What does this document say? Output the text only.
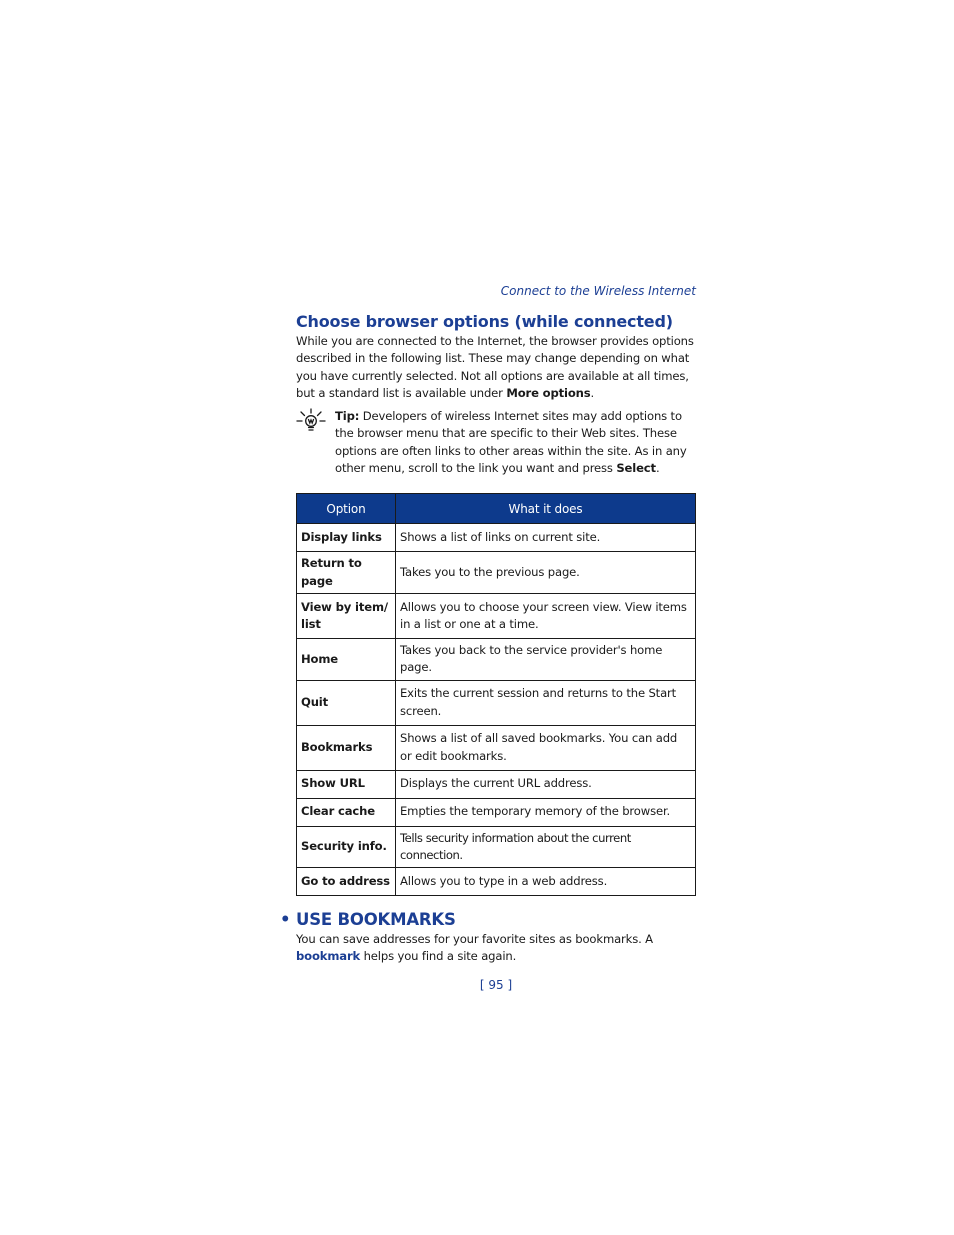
Connect to the Wireless Internet
Choose browser options (while connected)

While you are connected to the Internet, the browser provides options described in the following list. These may change depending on what you have currently selected. Not all options are available at all times, but a standard list is available under More options.

Tip: Developers of wireless Internet sites may add options to the browser menu that are specific to their Web sites. These options are often links to other areas within the site. As in any other menu, scroll to the link you want and press Select.
Option	What it does
Display links	Shows a list of links on current site.
Return to page	Takes you to the previous page.
View by item/ list	Allows you to choose your screen view. View items in a list or one at a time.
Home	Takes you back to the service provider's home page.
Quit	Exits the current session and returns to the Start screen.
Bookmarks	Shows a list of all saved bookmarks. You can add or edit bookmarks.
Show URL	Displays the current URL address.
Clear cache	Empties the temporary memory of the browser.
Security info.	Tells security information about the current connection.
Go to address	Allows you to type in a web address.
• USE BOOKMARKS

You can save addresses for your favorite sites as bookmarks. A bookmark helps you find a site again.

[ 95 ]
